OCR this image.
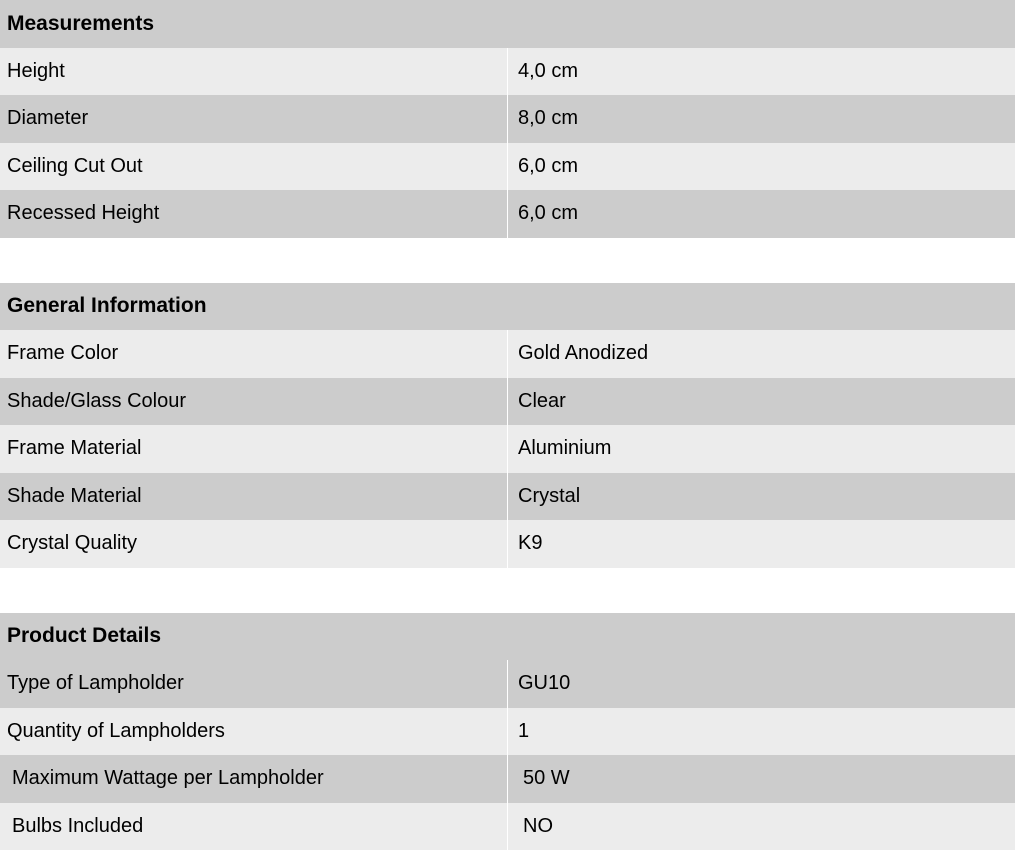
Measurements	
Height	4,0 cm
Diameter	8,0 cm
Ceiling Cut Out	6,0 cm
Recessed Height	6,0 cm
General Information	
Frame Color	Gold Anodized
Shade/Glass Colour	Clear
Frame Material	Aluminium
Shade Material	Crystal
Crystal Quality	K9
Product Details	
Type of Lampholder	GU10
Quantity of Lampholders	1
Maximum Wattage per Lampholder	50 W
Bulbs Included	NO
